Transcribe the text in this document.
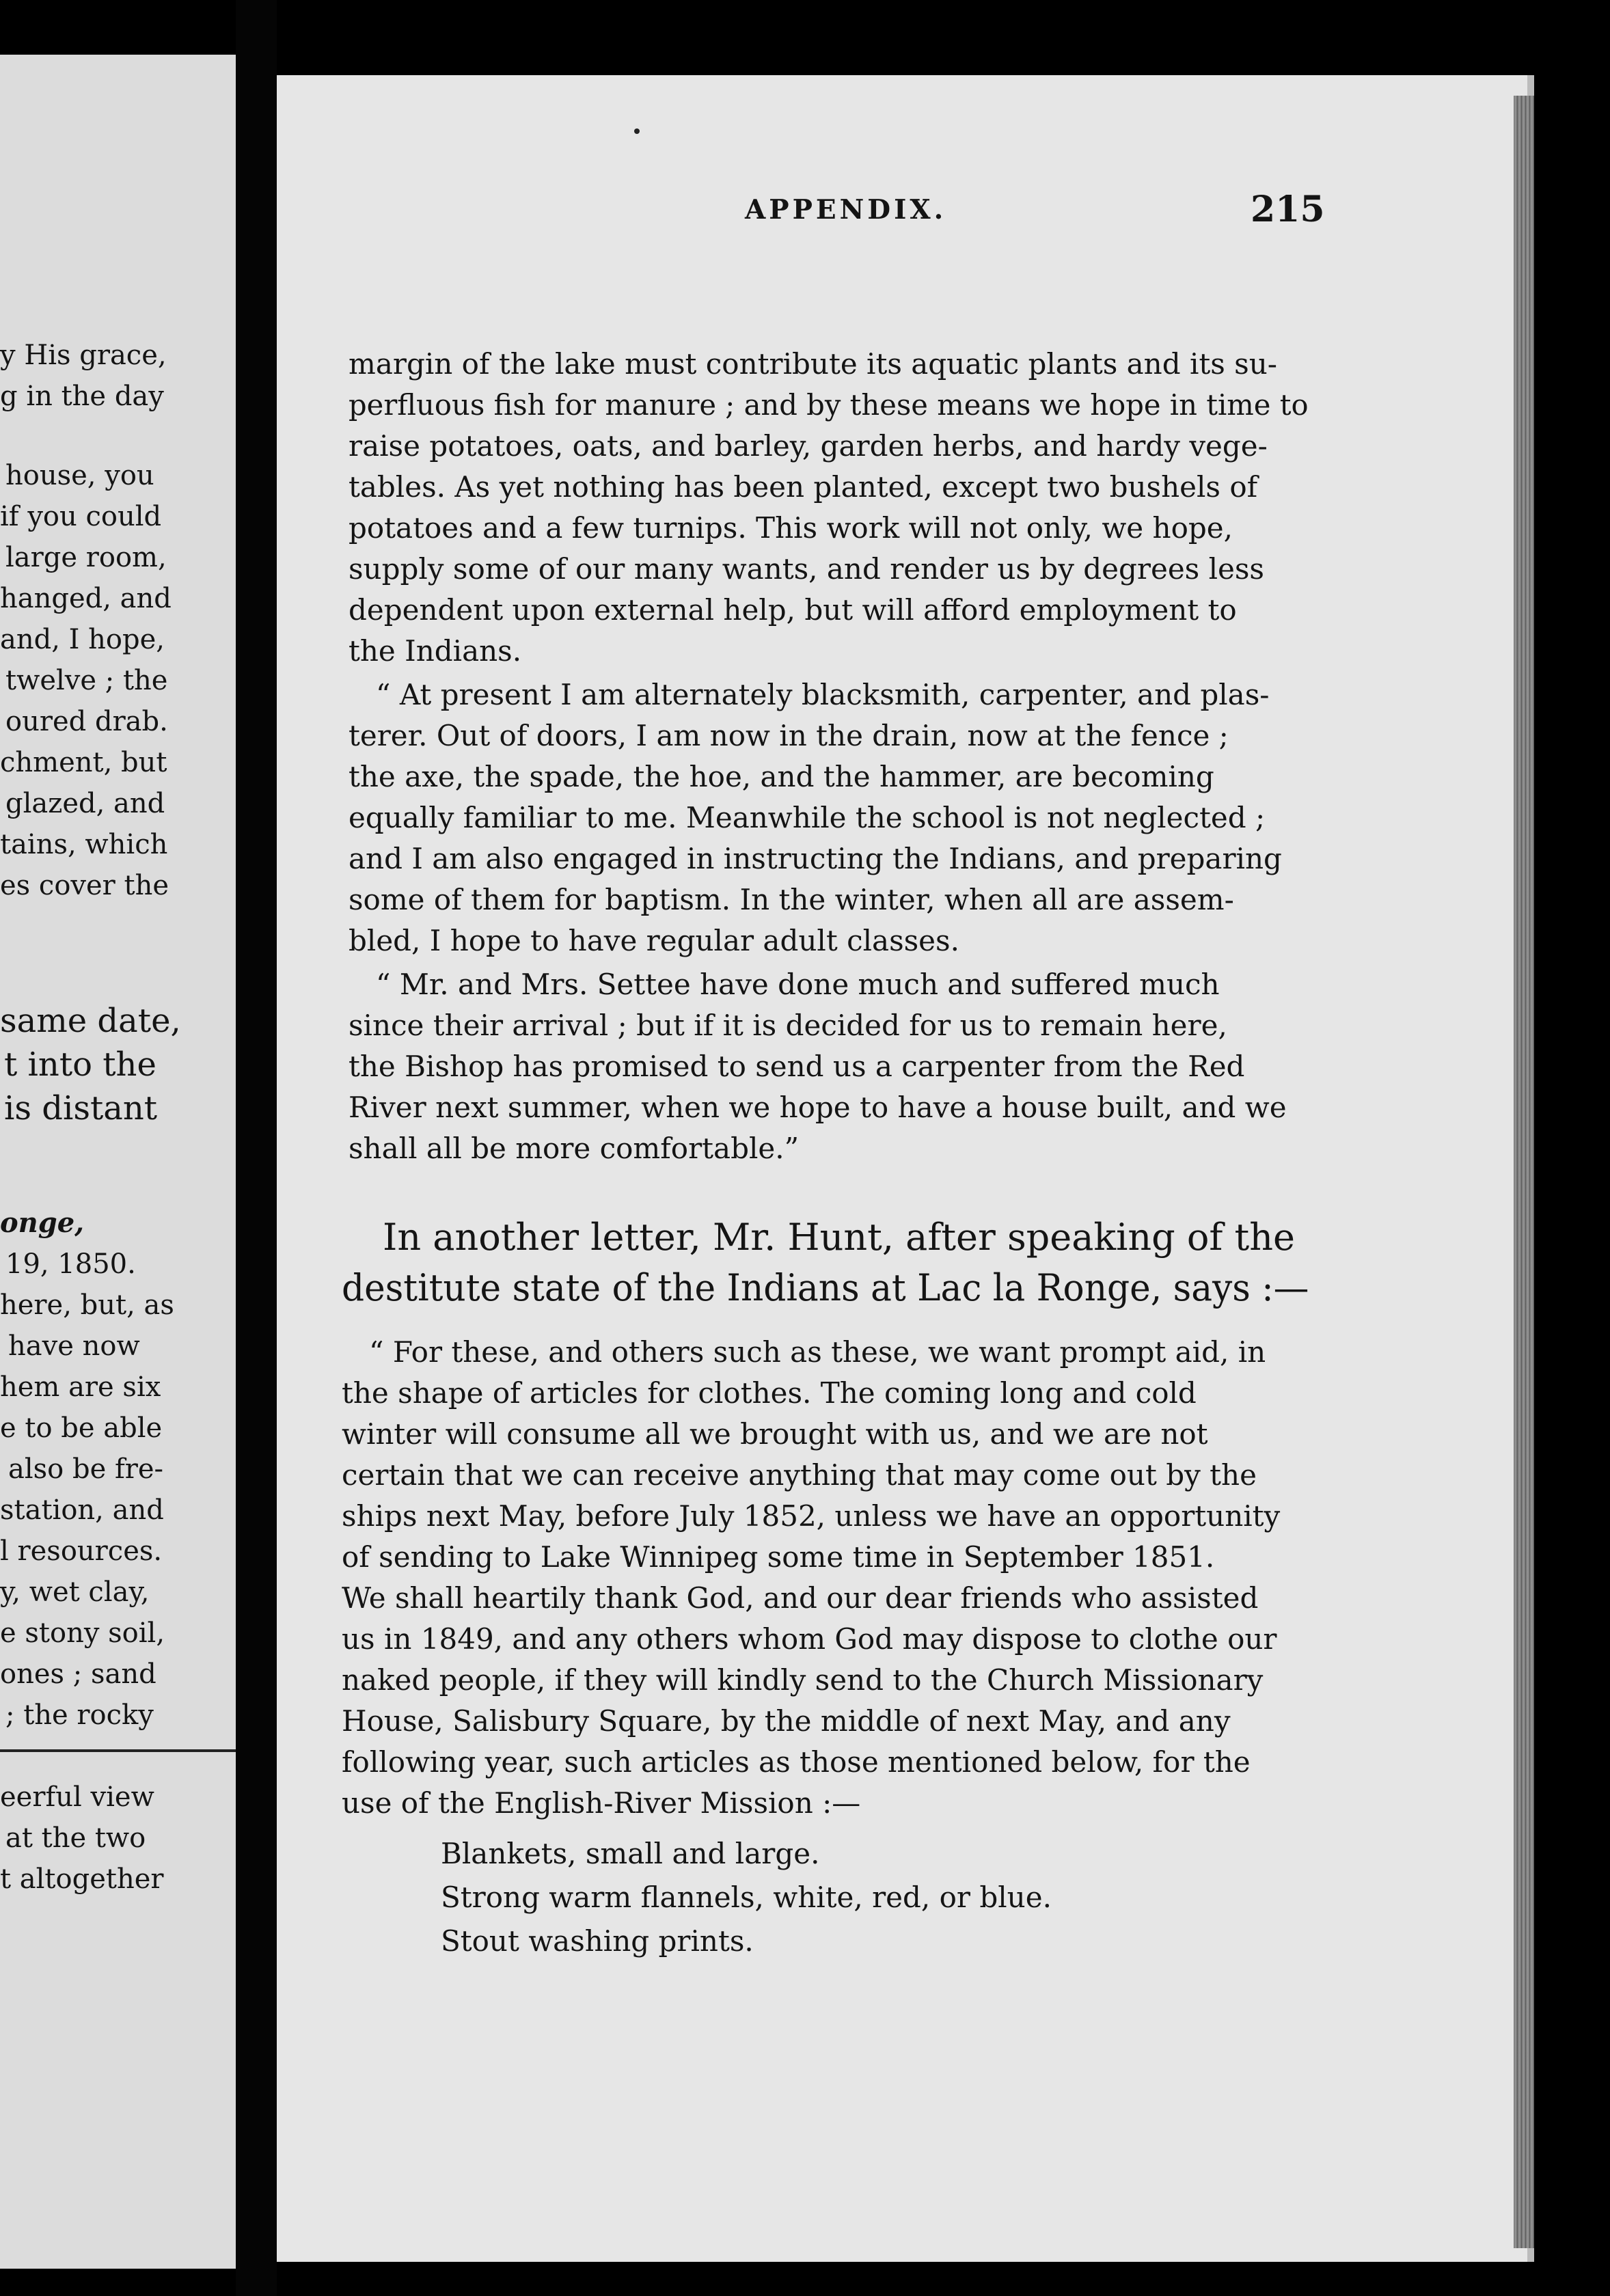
y His grace,
g in the day
house, you
if you could
large room,
hanged, and
and, I hope,
twelve ; the
oured drab.
chment, but
glazed, and
tains, which
es cover the
same date,
t into the
is distant
onge,
19, 1850.
here, but, as
have now
hem are six
e to be able
also be fre-
station, and
l resources.
y, wet clay,
e stony soil,
ones ; sand
; the rocky
eerful view
at the two
t altogether
APPENDIX.	215
margin of the lake must contribute its aquatic plants and its su-
perfluous fish for manure ; and by these means we hope in time to
raise potatoes, oats, and barley, garden herbs, and hardy vege-
tables. As yet nothing has been planted, except two bushels of
potatoes and a few turnips. This work will not only, we hope,
supply some of our many wants, and render us by degrees less
dependent upon external help, but will afford employment to
the Indians.
“ At present I am alternately blacksmith, carpenter, and plas-
terer. Out of doors, I am now in the drain, now at the fence ;
the axe, the spade, the hoe, and the hammer, are becoming
equally familiar to me. Meanwhile the school is not neglected ;
and I am also engaged in instructing the Indians, and preparing
some of them for baptism. In the winter, when all are assem-
bled, I hope to have regular adult classes.
“ Mr. and Mrs. Settee have done much and suffered much
since their arrival ; but if it is decided for us to remain here,
the Bishop has promised to send us a carpenter from the Red
River next summer, when we hope to have a house built, and we
shall all be more comfortable.”
In another letter, Mr. Hunt, after speaking of the
destitute state of the Indians at Lac la Ronge, says :—
“ For these, and others such as these, we want prompt aid, in
the shape of articles for clothes. The coming long and cold
winter will consume all we brought with us, and we are not
certain that we can receive anything that may come out by the
ships next May, before July 1852, unless we have an opportunity
of sending to Lake Winnipeg some time in September 1851.
We shall heartily thank God, and our dear friends who assisted
us in 1849, and any others whom God may dispose to clothe our
naked people, if they will kindly send to the Church Missionary
House, Salisbury Square, by the middle of next May, and any
following year, such articles as those mentioned below, for the
use of the English-River Mission :—
Blankets, small and large.
Strong warm flannels, white, red, or blue.
Stout washing prints.
